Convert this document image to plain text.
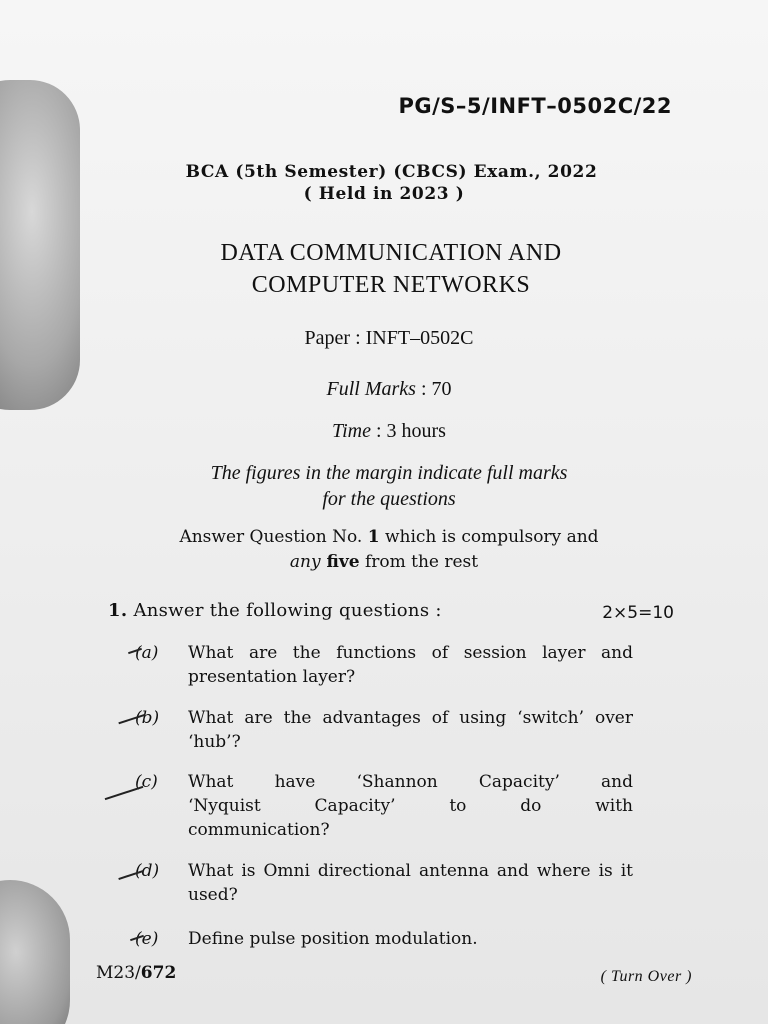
PG/S–5/INFT–0502C/22
BCA (5th Semester) (CBCS) Exam., 2022
( Held in 2023 )
DATA COMMUNICATION AND
COMPUTER NETWORKS
Paper : INFT–0502C
Full Marks : 70
Time : 3 hours
The figures in the margin indicate full marks
for the questions
Answer Question No. 1 which is compulsory and
any five from the rest
1. Answer the following questions :	2×5=10
(a) What are the functions of session layer and presentation layer?
(b) What are the advantages of using ‘switch’ over ‘hub’?
(c) What have ‘Shannon Capacity’ and
‘Nyquist Capacity’ to do with
communication?
(d) What is Omni directional antenna and where is it used?
(e) Define pulse position modulation.
M23/672	( Turn Over )
